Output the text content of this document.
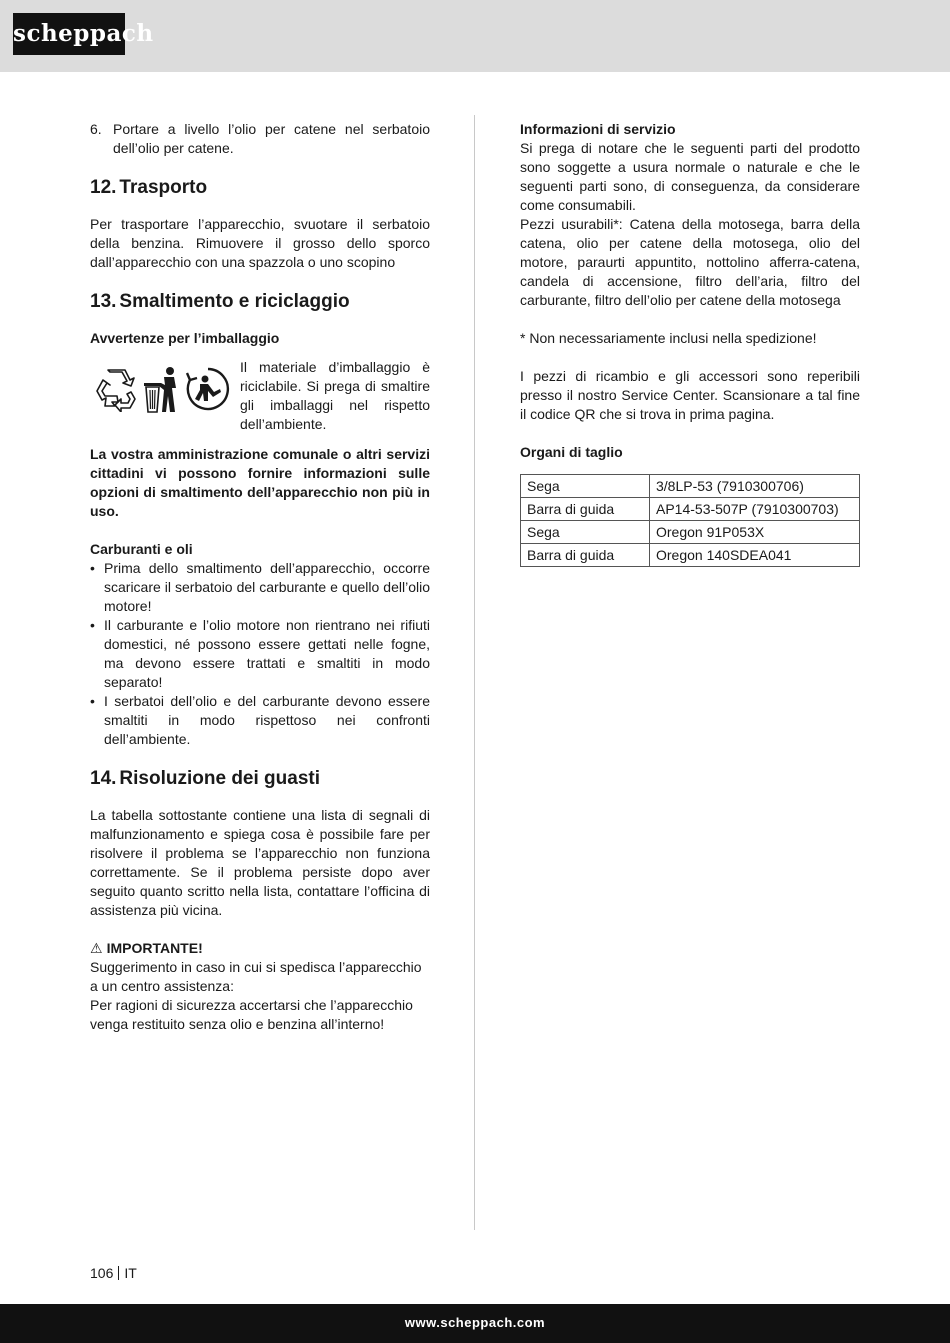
scheppach
6. Portare a livello l’olio per catene nel serbatoio dell’olio per catene.
12. Trasporto

Per trasportare l’apparecchio, svuotare il serbatoio della benzina. Rimuovere il grosso dello sporco dall’apparecchio con una spazzola o uno scopino

13. Smaltimento e riciclaggio

Avvertenze per l’imballaggio

Il materiale d’imballaggio è riciclabile. Si prega di smaltire gli imballaggi nel rispetto dell’ambiente.

La vostra amministrazione comunale o altri servizi cittadini vi possono fornire informazioni sulle opzioni di smaltimento dell’apparecchio non più in uso.

Carburanti e oli

• Prima dello smaltimento dell’apparecchio, occorre scaricare il serbatoio del carburante e quello dell’olio motore!
• Il carburante e l’olio motore non rientrano nei rifiuti domestici, né possono essere gettati nelle fogne, ma devono essere trattati e smaltiti in modo separato!
• I serbatoi dell’olio e del carburante devono essere smaltiti in modo rispettoso nei confronti dell’ambiente.
14. Risoluzione dei guasti

La tabella sottostante contiene una lista di segnali di malfunzionamento e spiega cosa è possibile fare per risolvere il problema se l’apparecchio non funziona correttamente. Se il problema persiste dopo aver seguito quanto scritto nella lista, contattare l’officina di assistenza più vicina.

⚠ IMPORTANTE!

Suggerimento in caso in cui si spedisca l’apparecchio a un centro assistenza:

Per ragioni di sicurezza accertarsi che l’apparecchio venga restituito senza olio e benzina all’interno!

Informazioni di servizio

Si prega di notare che le seguenti parti del prodotto sono soggette a usura normale o naturale e che le seguenti parti sono, di conseguenza, da considerare come consumabili.

Pezzi usurabili*: Catena della motosega, barra della catena, olio per catene della motosega, olio del motore, paraurti appuntito, nottolino afferra-catena, candela di accensione, filtro dell’aria, filtro del carburante, filtro dell’olio per catene della motosega

* Non necessariamente inclusi nella spedizione!

I pezzi di ricambio e gli accessori sono reperibili presso il nostro Service Center. Scansionare a tal fine il codice QR che si trova in prima pagina.

Organi di taglio

Sega	3/8LP-53 (7910300706)
Barra di guida	AP14-53-507P (7910300703)
Sega	Oregon 91P053X
Barra di guida	Oregon 140SDEA041
106 IT
www.scheppach.com
